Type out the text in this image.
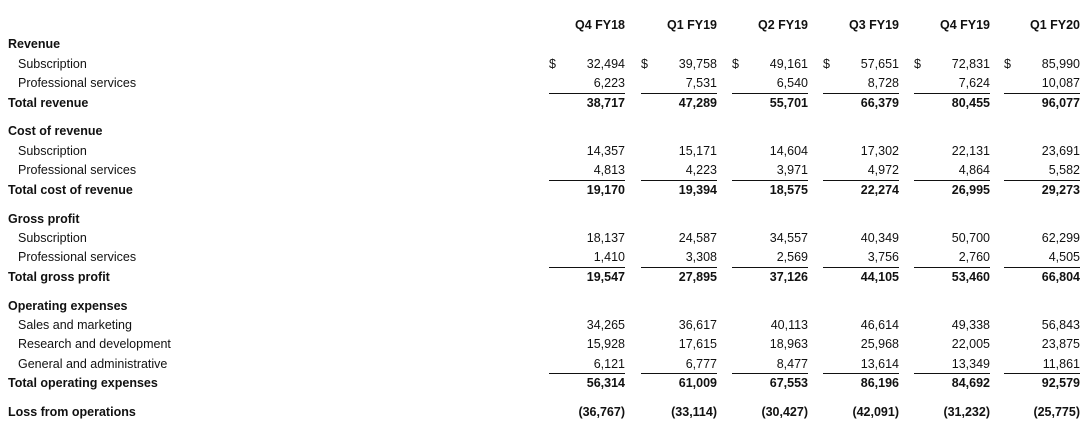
Q4 FY18	Q1 FY19	Q2 FY19	Q3 FY19	Q4 FY19	Q1 FY20
Revenue
Subscription	$ 32,494 $ 39,758 $ 49,161 $ 57,651 $ 72,831 $ 85,990
Professional services	6,223	7,531	6,540	8,728	7,624	10,087
Total revenue	38,717	47,289	55,701	66,379	80,455	96,077
Cost of revenue
Subscription	14,357	15,171	14,604	17,302	22,131	23,691
Professional services	4,813	4,223	3,971	4,972	4,864	5,582
Total cost of revenue	19,170	19,394	18,575	22,274	26,995	29,273
Gross profit
Subscription	18,137	24,587	34,557	40,349	50,700	62,299
Professional services	1,410	3,308	2,569	3,756	2,760	4,505
Total gross profit	19,547	27,895	37,126	44,105	53,460	66,804
Operating expenses
Sales and marketing	34,265	36,617	40,113	46,614	49,338	56,843
Research and development	15,928	17,615	18,963	25,968	22,005	23,875
General and administrative	6,121	6,777	8,477	13,614	13,349	11,861
Total operating expenses	56,314	61,009	67,553	86,196	84,692	92,579
Loss from operations	(36,767)	(33,114)	(30,427)	(42,091)	(31,232)	(25,775)
